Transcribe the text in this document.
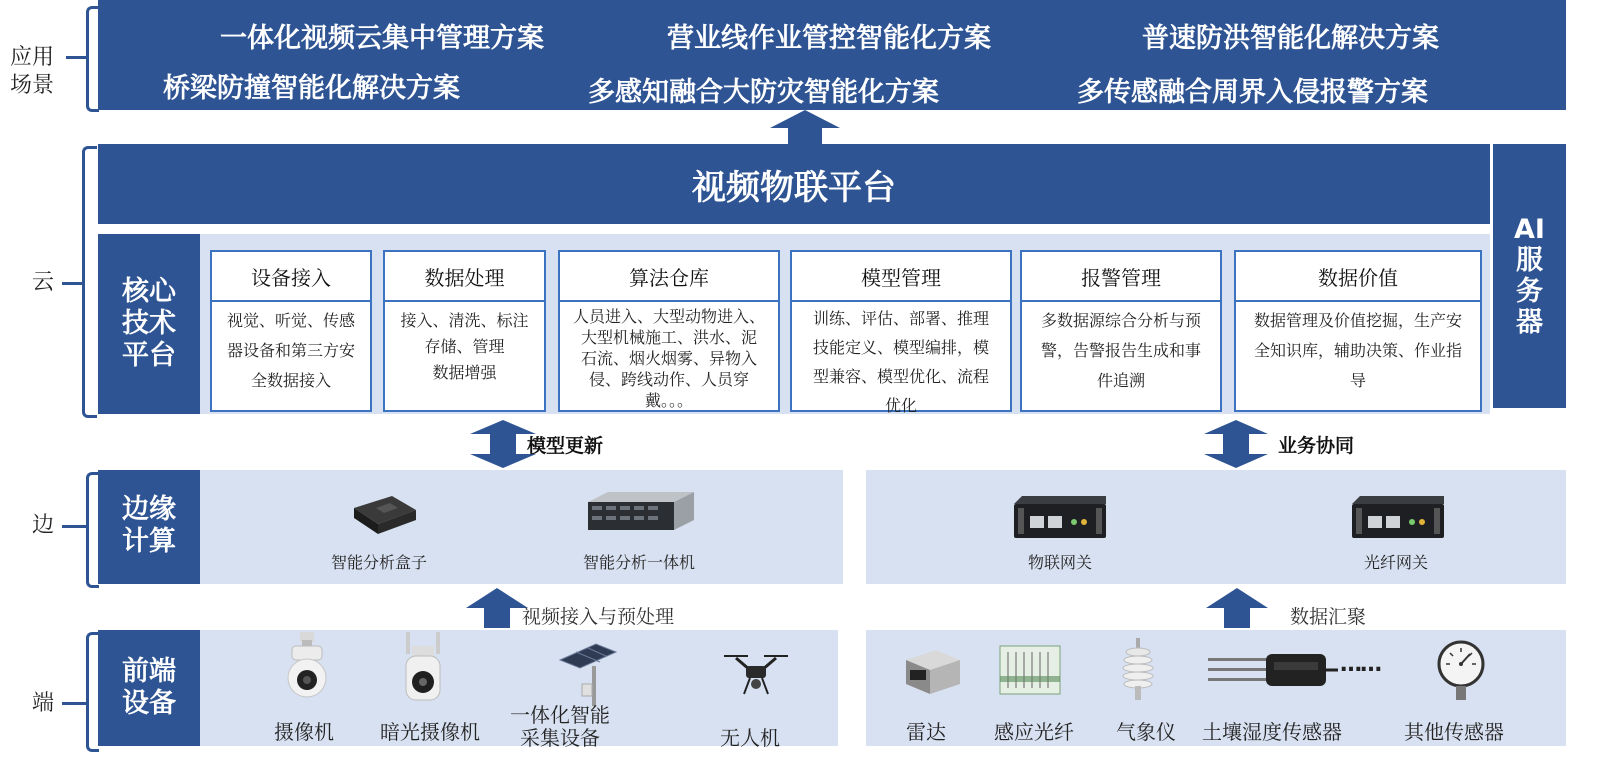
应用
场景
云
边
端
一体化视频云集中管理方案	营业线作业管控智能化方案	普速防洪智能化解决方案
桥梁防撞智能化解决方案	多感知融合大防灾智能化方案	多传感融合周界入侵报警方案
视频物联平台
AI
服
务
器
核心
技术
平台
设备接入
视觉、听觉、传感
器设备和第三方安
全数据接入
数据处理
接入、清洗、标注
存储、管理
数据增强
算法仓库
人员进入、大型动物进入、
大型机械施工、洪水、泥
石流、烟火烟雾、异物入
侵、跨线动作、人员穿
戴。。。
模型管理
训练、评估、部署、推理
技能定义、模型编排，模
型兼容、模型优化、流程
优化
报警管理
多数据源综合分析与预
警，告警报告生成和事
件追溯
数据价值
数据管理及价值挖掘，生产安
全知识库，辅助决策、作业指
导
模型更新	业务协同
边缘
计算
智能分析盒子	智能分析一体机	物联网关	光纤网关
视频接入与预处理	数据汇聚
前端
设备
摄像机 暗光摄像机
一体化智能
采集设备	无人机	雷达 感应光纤 气象仪 土壤湿度传感器
……
其他传感器
